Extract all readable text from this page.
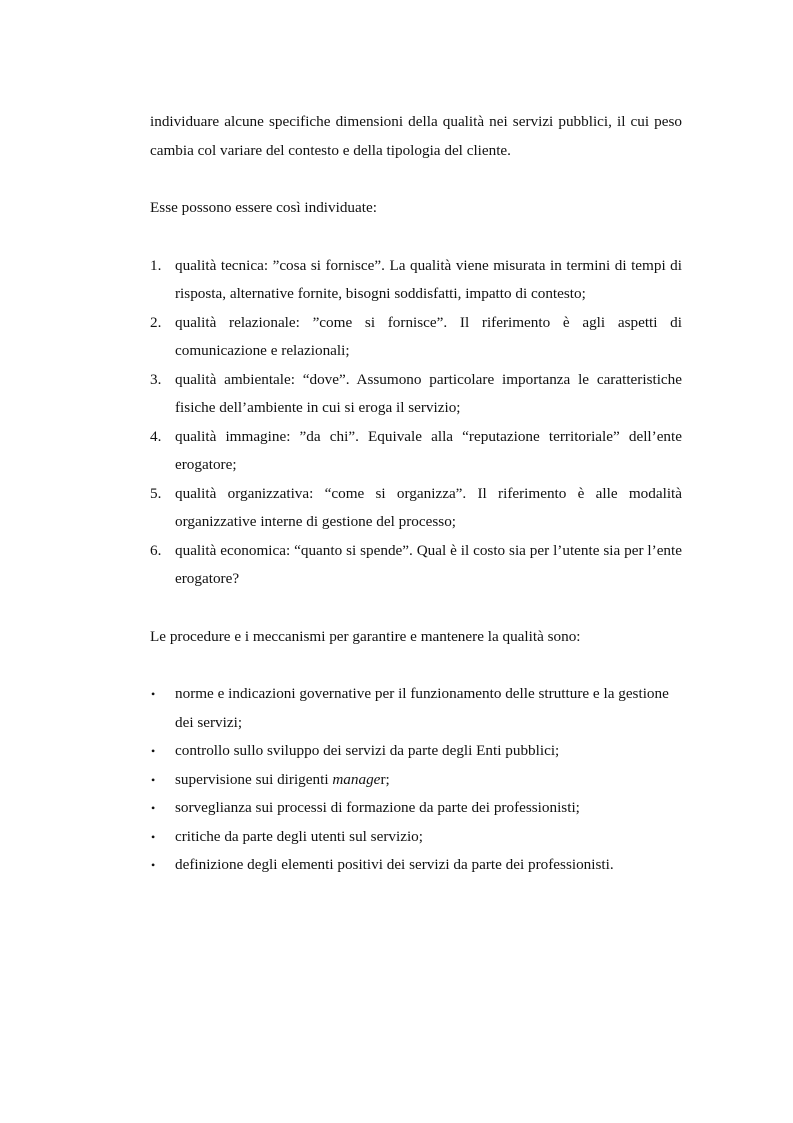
individuare alcune specifiche dimensioni della qualità nei servizi pubblici, il cui peso cambia col variare del contesto e della tipologia del cliente.

Esse possono essere così individuate:

1. qualità tecnica: ”cosa si fornisce”. La qualità viene misurata in termini di tempi di risposta, alternative fornite, bisogni soddisfatti, impatto di contesto;
2. qualità relazionale: ”come si fornisce”. Il riferimento è agli aspetti di comunicazione e relazionali;
3. qualità ambientale: “dove”. Assumono particolare importanza le caratteristiche fisiche dell’ambiente in cui si eroga il servizio;
4. qualità immagine: ”da chi”. Equivale alla “reputazione territoriale” dell’ente erogatore;
5. qualità organizzativa: “come si organizza”. Il riferimento è alle modalità organizzative interne di gestione del processo;
6. qualità economica: “quanto si spende”. Qual è il costo sia per l’utente sia per l’ente erogatore?

Le procedure e i meccanismi per garantire e mantenere la qualità sono:

• norme e indicazioni governative per il funzionamento delle strutture e la gestione dei servizi;
• controllo sullo sviluppo dei servizi da parte degli Enti pubblici;
• supervisione sui dirigenti manager;
• sorveglianza sui processi di formazione da parte dei professionisti;
• critiche da parte degli utenti sul servizio;
• definizione degli elementi positivi dei servizi da parte dei professionisti.
